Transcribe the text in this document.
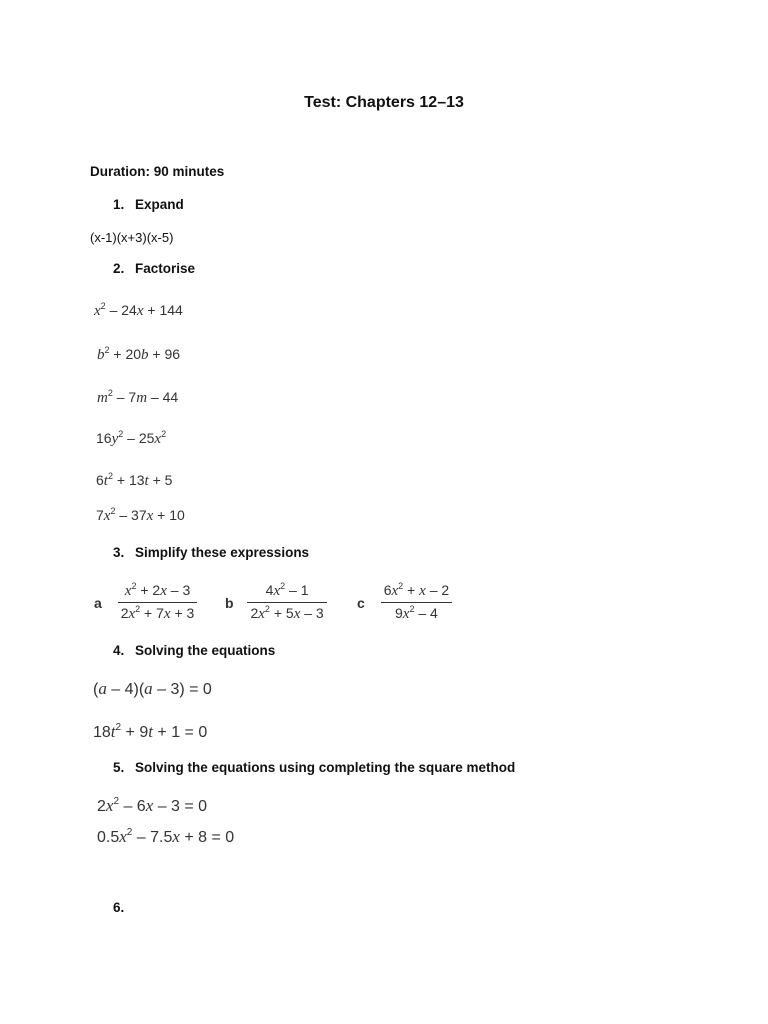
Test: Chapters 12–13
Duration: 90 minutes
1. Expand
(x-1)(x+3)(x-5)
2. Factorise
$x^2 - 24x + 144$
$b^2 + 20b + 96$
$m^2 - 7m - 44$
$16y^2 - 25x^2$
$6t^2 + 13t + 5$
$7x^2 - 37x + 10$
3. Simplify these expressions
a $\frac{x^2 + 2x - 3}{2x^2 + 7x + 3}$ b $\frac{4x^2 - 1}{2x^2 + 5x - 3}$ c $\frac{6x^2 + x - 2}{9x^2 - 4}$
4. Solving the equations
(a – 4)(a – 3) = 0
$18t^2 + 9t + 1 = 0$
5. Solving the equations using completing the square method
$2x^2 - 6x - 3 = 0$
$0.5x^2 - 7.5x + 8 = 0$
6.
